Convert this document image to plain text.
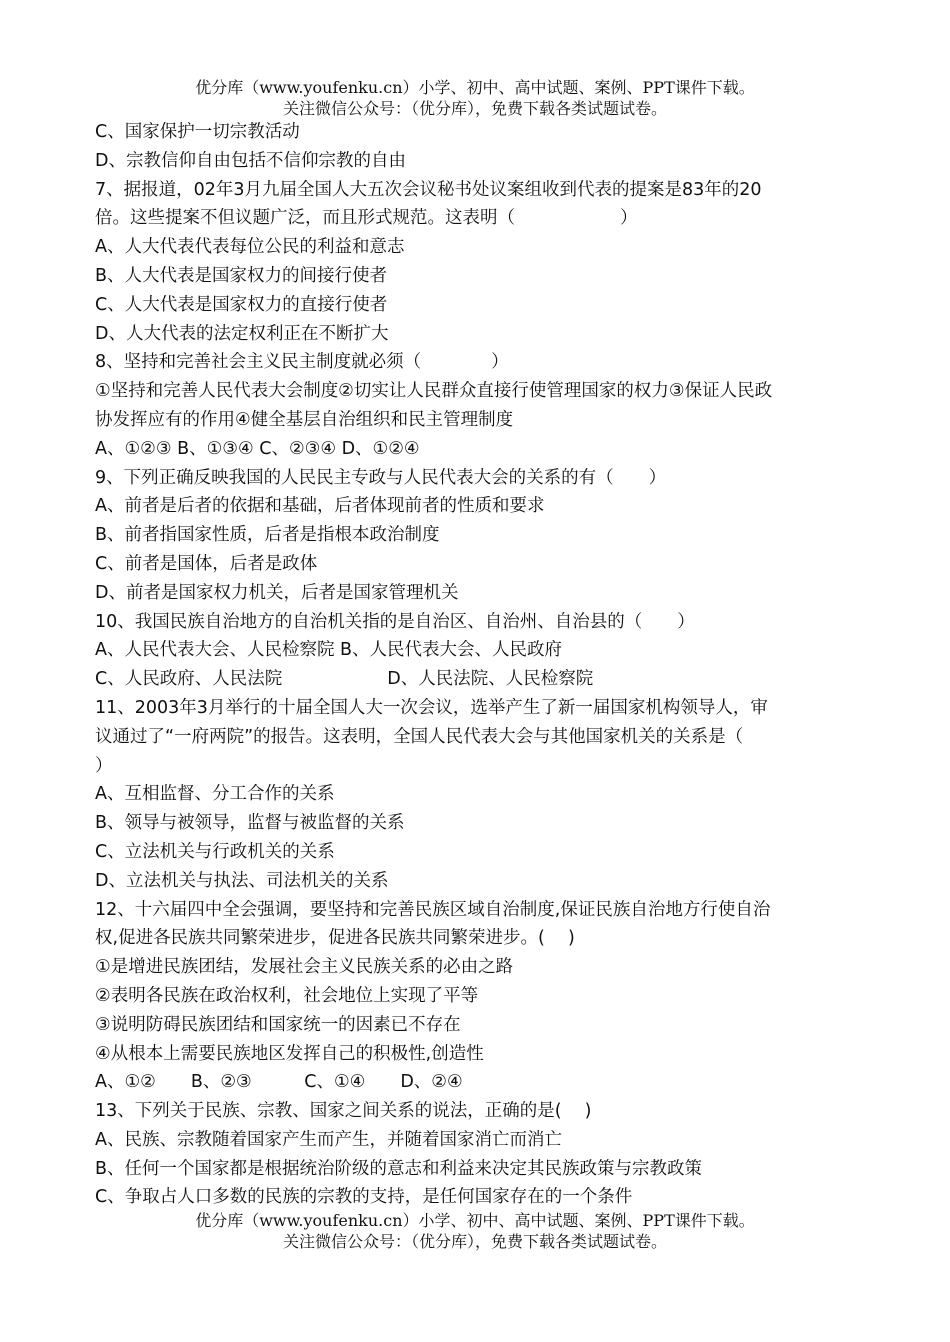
优分库（www.youfenku.cn）小学、初中、高中试题、案例、PPT课件下载。
关注微信公众号：（优分库），免费下载各类试题试卷。
C、国家保护一切宗教活动
D、宗教信仰自由包括不信仰宗教的自由
7、据报道，02年3月九届全国人大五次会议秘书处议案组收到代表的提案是83年的20
倍。这些提案不但议题广泛，而且形式规范。这表明（　　　　　　）
A、人大代表代表每位公民的利益和意志
B、人大代表是国家权力的间接行使者
C、人大代表是国家权力的直接行使者
D、人大代表的法定权利正在不断扩大
8、坚持和完善社会主义民主制度就必须（　　　　）
①坚持和完善人民代表大会制度②切实让人民群众直接行使管理国家的权力③保证人民政
协发挥应有的作用④健全基层自治组织和民主管理制度
A、①②③ B、①③④ C、②③④ D、①②④
9、下列正确反映我国的人民民主专政与人民代表大会的关系的有（　　）
A、前者是后者的依据和基础，后者体现前者的性质和要求
B、前者指国家性质，后者是指根本政治制度
C、前者是国体，后者是政体
D、前者是国家权力机关，后者是国家管理机关
10、我国民族自治地方的自治机关指的是自治区、自治州、自治县的（　　）
A、人民代表大会、人民检察院 B、人民代表大会、人民政府
C、人民政府、人民法院　　　　　　D、人民法院、人民检察院
11、2003年3月举行的十届全国人大一次会议，选举产生了新一届国家机构领导人，审
议通过了“一府两院”的报告。这表明，全国人民代表大会与其他国家机关的关系是（
）
A、互相监督、分工合作的关系
B、领导与被领导，监督与被监督的关系
C、立法机关与行政机关的关系
D、立法机关与执法、司法机关的关系
12、十六届四中全会强调，要坚持和完善民族区域自治制度,保证民族自治地方行使自治
权,促进各民族共同繁荣进步，促进各民族共同繁荣进步。(　 )
①是增进民族团结，发展社会主义民族关系的必由之路
②表明各民族在政治权利，社会地位上实现了平等
③说明防碍民族团结和国家统一的因素已不存在
④从根本上需要民族地区发挥自己的积极性,创造性
A、①②　　B、②③　　　C、①④　　D、②④
13、下列关于民族、宗教、国家之间关系的说法，正确的是(　 )
A、民族、宗教随着国家产生而产生，并随着国家消亡而消亡
B、任何一个国家都是根据统治阶级的意志和利益来决定其民族政策与宗教政策
C、争取占人口多数的民族的宗教的支持，是任何国家存在的一个条件
优分库（www.youfenku.cn）小学、初中、高中试题、案例、PPT课件下载。
关注微信公众号：（优分库），免费下载各类试题试卷。
